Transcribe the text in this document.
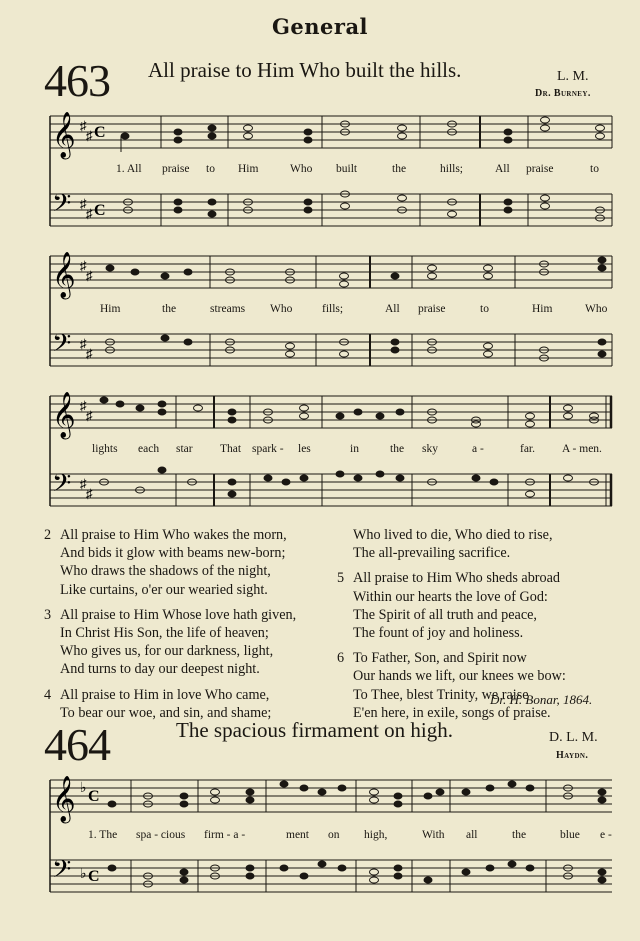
General
463 All praise to Him Who built the hills.	L. M.
Dr. Burney.
𝄞
𝄢
♯
♯
♯
♯
C
C
1. All praise to Him	Who built	the	hills;	All praise	to
𝄞
𝄢
♯
♯
♯
♯
Him	the	streams Who	fills;	All praise	to	Him	Who
𝄞
𝄢
♯
♯
♯
♯
lights each star That spark - les	in	the sky	a -	far. A - men.
2 All praise to Him Who wakes the morn,
And bids it glow with beams new-born;
Who draws the shadows of the night,
Like curtains, o'er our wearied sight.
3 All praise to Him Whose love hath given,
In Christ His Son, the life of heaven;
Who gives us, for our darkness, light,
And turns to day our deepest night.
4 All praise to Him in love Who came,
To bear our woe, and sin, and shame;
Who lived to die, Who died to rise,
The all-prevailing sacrifice.
5 All praise to Him Who sheds abroad
Within our hearts the love of God:
The Spirit of all truth and peace,
The fount of joy and holiness.
6 To Father, Son, and Spirit now
Our hands we lift, our knees we bow:
To Thee, blest Trinity, we raise
E'en here, in exile, songs of praise.
Dr. H. Bonar, 1864.
464	The spacious firmament on high.	D. L. M.
Haydn.
𝄞
𝄢
♭
♭
C
C
1. The spa - cious firm - a -	ment on high,	With all	the	blue e -
